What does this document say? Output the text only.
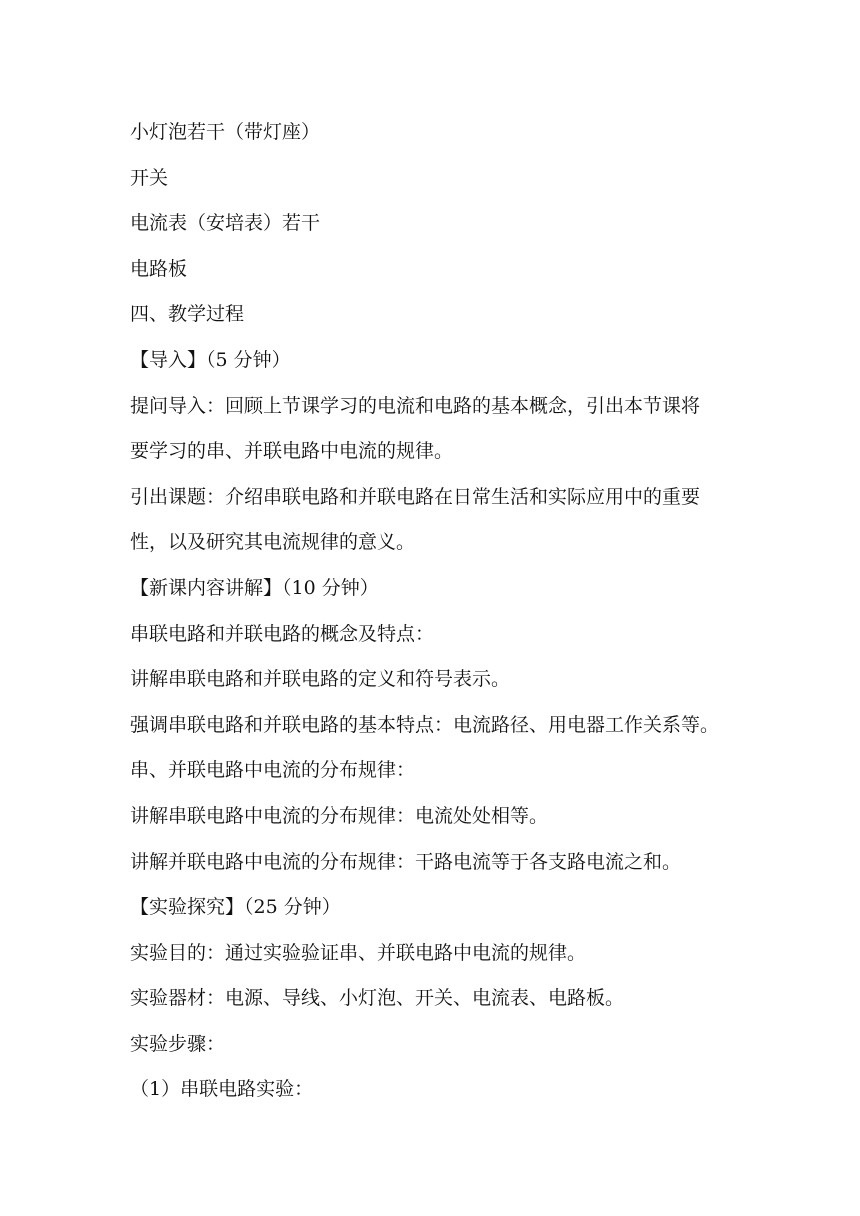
小灯泡若干（带灯座）
开关
电流表（安培表）若干
电路板
四、教学过程
【导入】（5 分钟）
提问导入：回顾上节课学习的电流和电路的基本概念，引出本节课将
要学习的串、并联电路中电流的规律。
引出课题：介绍串联电路和并联电路在日常生活和实际应用中的重要
性，以及研究其电流规律的意义。
【新课内容讲解】（10 分钟）
串联电路和并联电路的概念及特点：
讲解串联电路和并联电路的定义和符号表示。
强调串联电路和并联电路的基本特点：电流路径、用电器工作关系等。
串、并联电路中电流的分布规律：
讲解串联电路中电流的分布规律：电流处处相等。
讲解并联电路中电流的分布规律：干路电流等于各支路电流之和。
【实验探究】（25 分钟）
实验目的：通过实验验证串、并联电路中电流的规律。
实验器材：电源、导线、小灯泡、开关、电流表、电路板。
实验步骤：
（1）串联电路实验：
